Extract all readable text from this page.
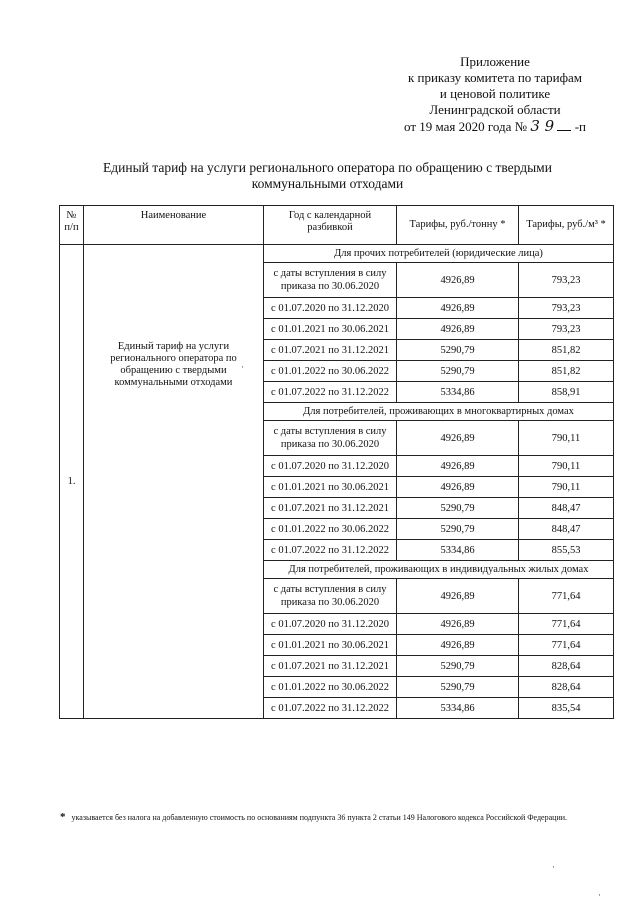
Приложение
к приказу комитета по тарифам
и ценовой политике
Ленинградской области
от 19 мая 2020 года № 3 9 -п
Единый тариф на услуги регионального оператора по обращению с твердыми коммунальными отходами
№ п/п	Наименование	Год с календарной разбивкой	Тарифы, руб./тонну *	Тарифы, руб./м³ *
1.	Единый тариф на услуги регионального оператора по обращению с твердыми коммунальными отходами	Для прочих потребителей (юридические лица)		
		с даты вступления в силу приказа по 30.06.2020	4926,89	793,23
		с 01.07.2020 по 31.12.2020	4926,89	793,23
		с 01.01.2021 по 30.06.2021	4926,89	793,23
		с 01.07.2021 по 31.12.2021	5290,79	851,82
		с 01.01.2022 по 30.06.2022	5290,79	851,82
		с 01.07.2022 по 31.12.2022	5334,86	858,91
		Для потребителей, проживающих в многоквартирных домах		
		с даты вступления в силу приказа по 30.06.2020	4926,89	790,11
		с 01.07.2020 по 31.12.2020	4926,89	790,11
		с 01.01.2021 по 30.06.2021	4926,89	790,11
		с 01.07.2021 по 31.12.2021	5290,79	848,47
		с 01.01.2022 по 30.06.2022	5290,79	848,47
		с 01.07.2022 по 31.12.2022	5334,86	855,53
		Для потребителей, проживающих в индивидуальных жилых домах		
		с даты вступления в силу приказа по 30.06.2020	4926,89	771,64
		с 01.07.2020 по 31.12.2020	4926,89	771,64
		с 01.01.2021 по 30.06.2021	4926,89	771,64
		с 01.07.2021 по 31.12.2021	5290,79	828,64
		с 01.01.2022 по 30.06.2022	5290,79	828,64
		с 01.07.2022 по 31.12.2022	5334,86	835,54
* указывается без налога на добавленную стоимость по основаниям подпункта 36 пункта 2 статьи 149 Налогового кодекса Российской Федерации.
·
·
·
